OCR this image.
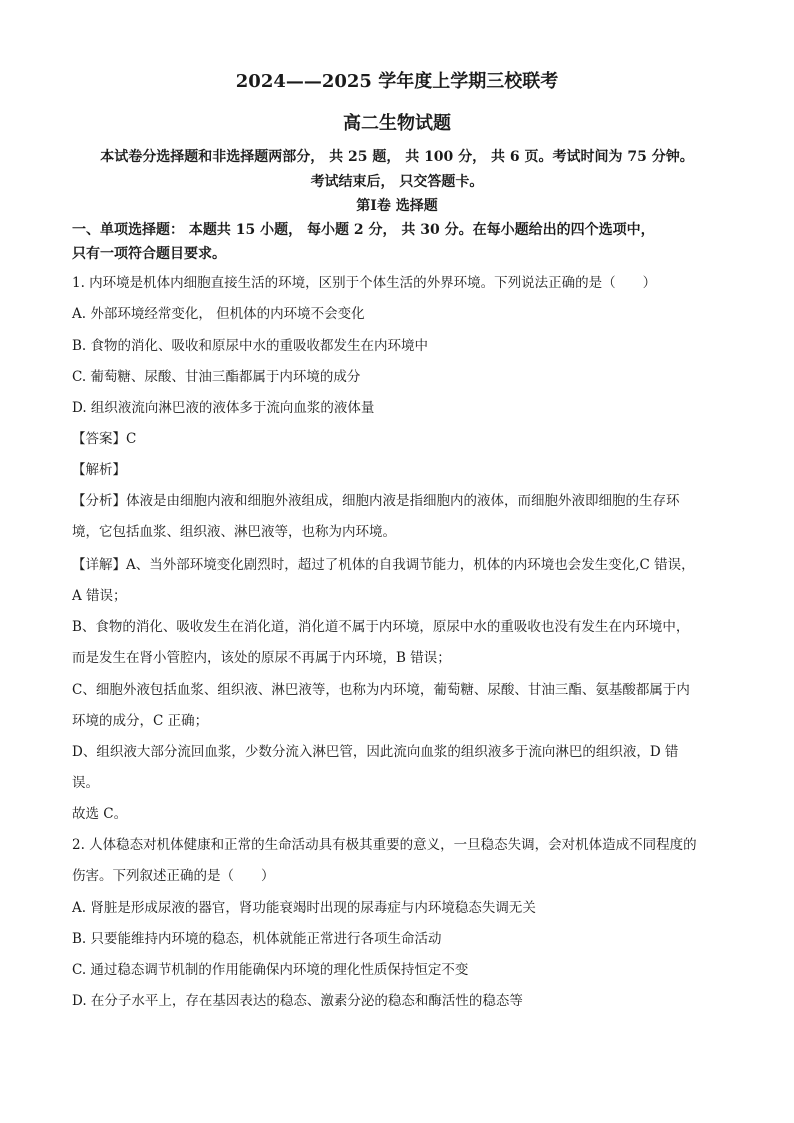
2024——2025 学年度上学期三校联考
高二生物试题
本试卷分选择题和非选择题两部分， 共 25 题， 共 100 分， 共 6 页。考试时间为 75 分钟。
考试结束后， 只交答题卡。
第Ⅰ卷 选择题
一、单项选择题： 本题共 15 小题， 每小题 2 分， 共 30 分。在每小题给出的四个选项中，
只有一项符合题目要求。
1. 内环境是机体内细胞直接生活的环境，区别于个体生活的外界环境。下列说法正确的是（　　）
A. 外部环境经常变化， 但机体的内环境不会变化
B. 食物的消化、吸收和原尿中水的重吸收都发生在内环境中
C. 葡萄糖、尿酸、甘油三酯都属于内环境的成分
D. 组织液流向淋巴液的液体多于流向血浆的液体量
【答案】C
【解析】
【分析】体液是由细胞内液和细胞外液组成，细胞内液是指细胞内的液体，而细胞外液即细胞的生存环
境，它包括血浆、组织液、淋巴液等，也称为内环境。
【详解】A、当外部环境变化剧烈时，超过了机体的自我调节能力，机体的内环境也会发生变化,C 错误，
A 错误；
B、食物的消化、吸收发生在消化道，消化道不属于内环境，原尿中水的重吸收也没有发生在内环境中，
而是发生在肾小管腔内，该处的原尿不再属于内环境，B 错误；
C、细胞外液包括血浆、组织液、淋巴液等，也称为内环境，葡萄糖、尿酸、甘油三酯、氨基酸都属于内
环境的成分，C 正确；
D、组织液大部分流回血浆，少数分流入淋巴管，因此流向血浆的组织液多于流向淋巴的组织液，D 错
误。
故选 C。
2. 人体稳态对机体健康和正常的生命活动具有极其重要的意义，一旦稳态失调，会对机体造成不同程度的
伤害。下列叙述正确的是（　　）
A. 肾脏是形成尿液的器官，肾功能衰竭时出现的尿毒症与内环境稳态失调无关
B. 只要能维持内环境的稳态，机体就能正常进行各项生命活动
C. 通过稳态调节机制的作用能确保内环境的理化性质保持恒定不变
D. 在分子水平上，存在基因表达的稳态、激素分泌的稳态和酶活性的稳态等
